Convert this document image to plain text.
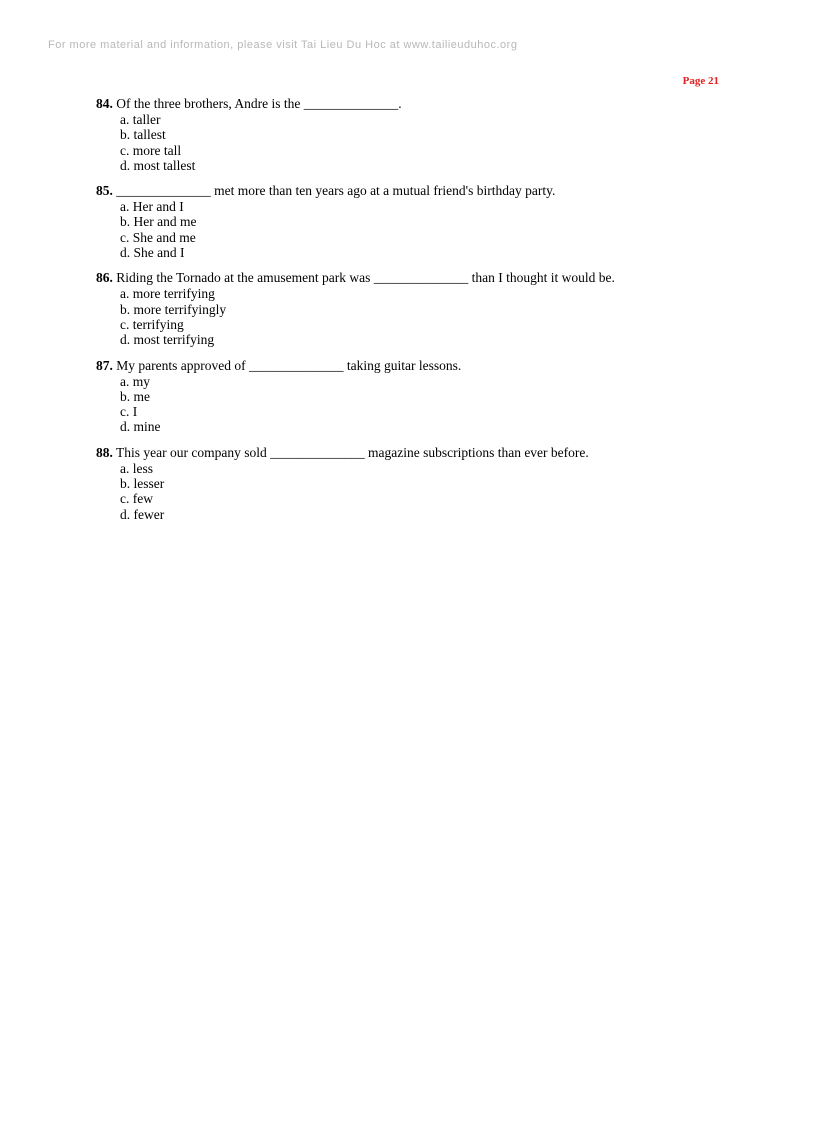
For more material and information, please visit Tai Lieu Du Hoc at www.tailieuduhoc.org
Page 21
84. Of the three brothers, Andre is the ______________.
a. taller
b. tallest
c. more tall
d. most tallest
85. ______________ met more than ten years ago at a mutual friend's birthday party.
a. Her and I
b. Her and me
c. She and me
d. She and I
86. Riding the Tornado at the amusement park was ______________ than I thought it would be.
a. more terrifying
b. more terrifyingly
c. terrifying
d. most terrifying
87. My parents approved of ______________ taking guitar lessons.
a. my
b. me
c. I
d. mine
88. This year our company sold ______________ magazine subscriptions than ever before.
a. less
b. lesser
c. few
d. fewer
